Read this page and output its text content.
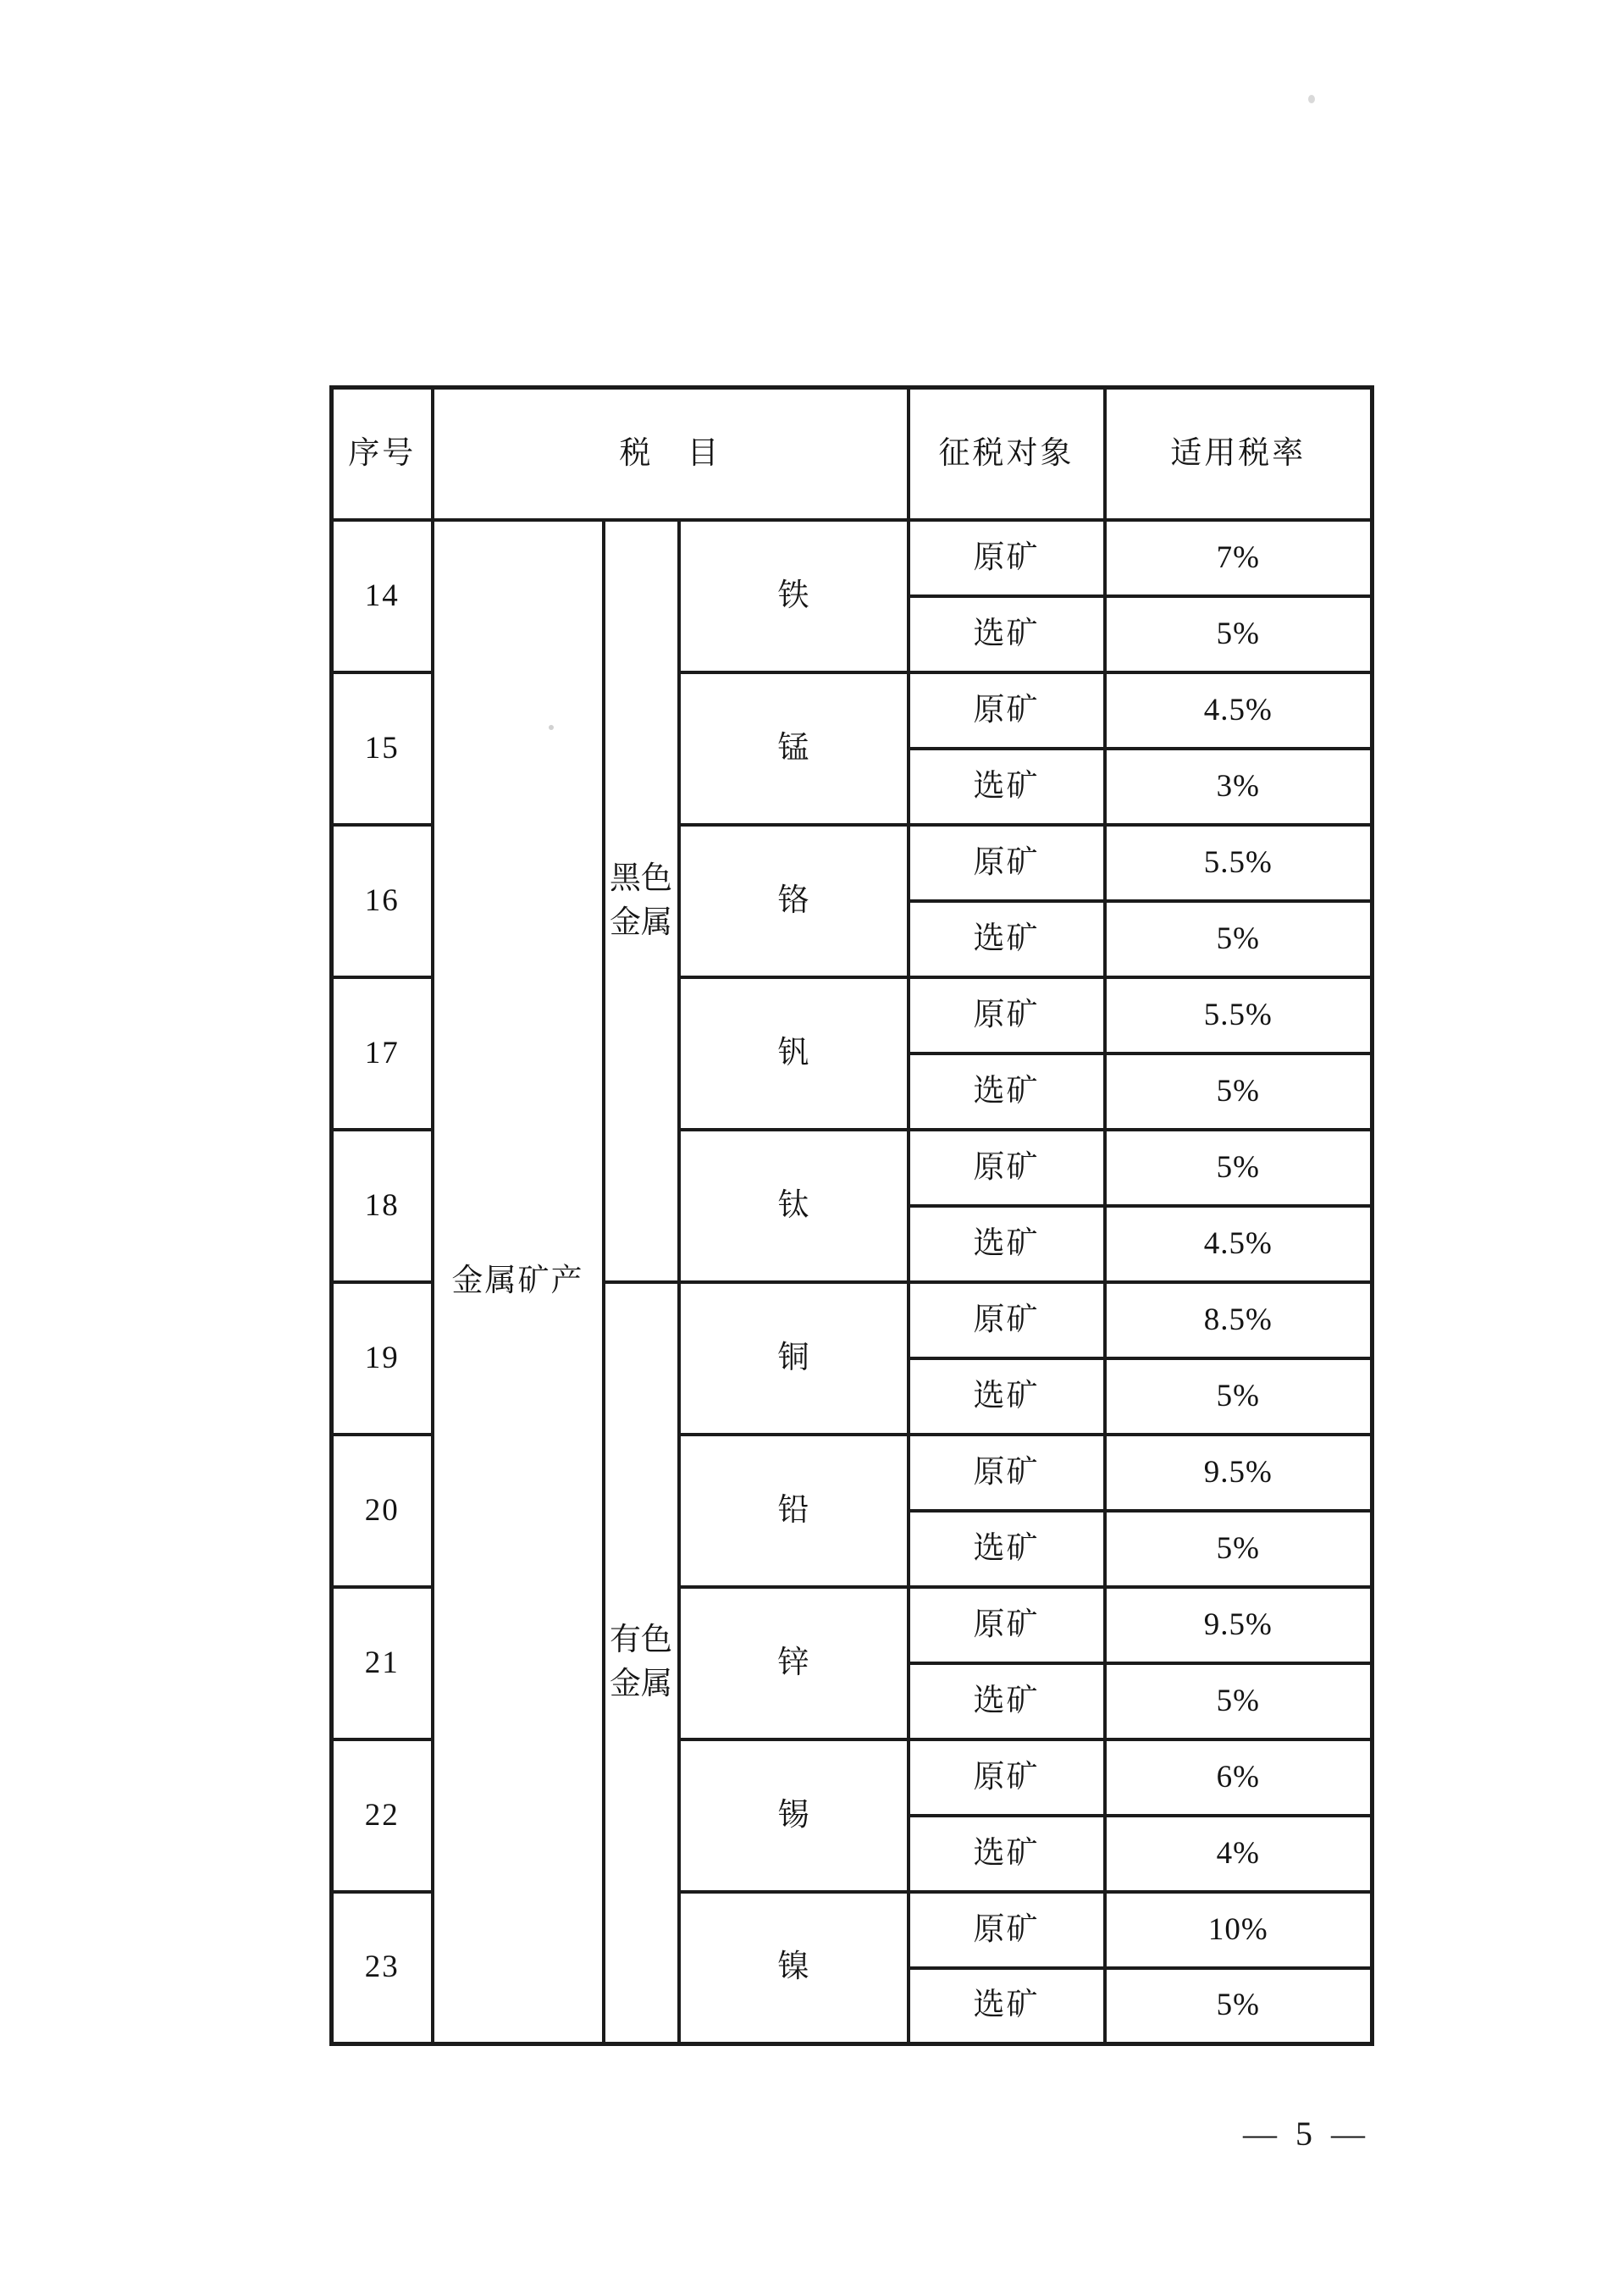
序号	税　目			征税对象	适用税率
14	金属矿产	黑色金属	铁	原矿	7%
				选矿	5%
15			锰	原矿	4.5%
				选矿	3%
16			铬	原矿	5.5%
				选矿	5%
17			钒	原矿	5.5%
				选矿	5%
18			钛	原矿	5%
				选矿	4.5%
19		有色金属	铜	原矿	8.5%
				选矿	5%
20			铅	原矿	9.5%
				选矿	5%
21			锌	原矿	9.5%
				选矿	5%
22			锡	原矿	6%
				选矿	4%
23			镍	原矿	10%
				选矿	5%
— 5 —
